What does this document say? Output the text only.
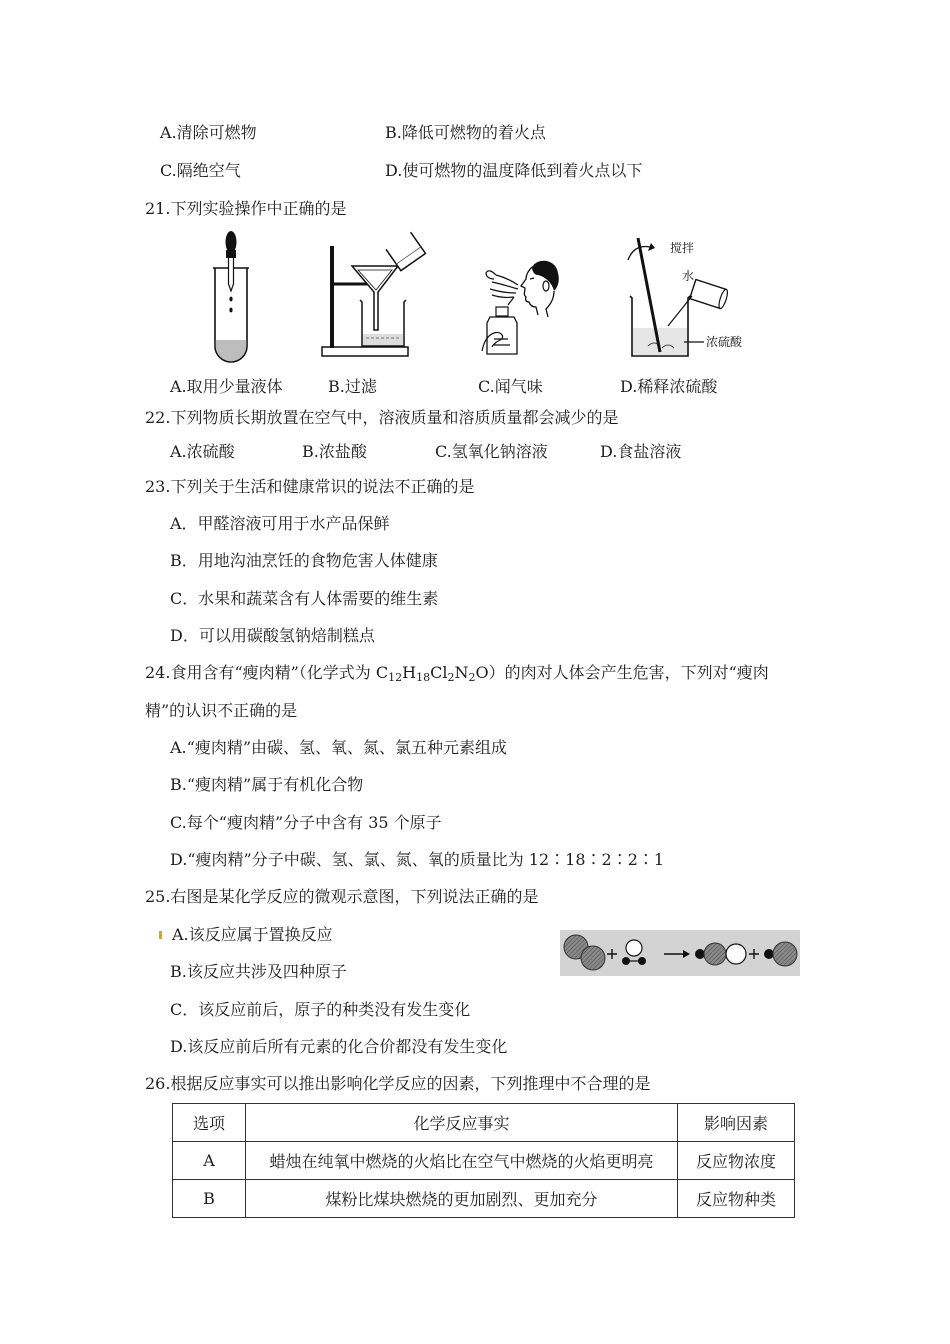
A.清除可燃物	B.降低可燃物的着火点
C.隔绝空气	D.使可燃物的温度降低到着火点以下
21.下列实验操作中正确的是
搅拌
水
浓硫酸
A.取用少量液体	B.过滤	C.闻气味	D.稀释浓硫酸
22.下列物质长期放置在空气中，溶液质量和溶质质量都会减少的是
A.浓硫酸	B.浓盐酸	C.氢氧化钠溶液	D.食盐溶液
23.下列关于生活和健康常识的说法不正确的是
A．甲醛溶液可用于水产品保鲜
B．用地沟油烹饪的食物危害人体健康
C．水果和蔬菜含有人体需要的维生素
D．可以用碳酸氢钠焙制糕点
24.食用含有“瘦肉精”（化学式为 $C_{12}H_{18}Cl_2N_2O$）的肉对人体会产生危害，下列对“瘦肉
精”的认识不正确的是
A.“瘦肉精”由碳、氢、氧、氮、氯五种元素组成
B.“瘦肉精”属于有机化合物
C.每个“瘦肉精”分子中含有 35 个原子
D.“瘦肉精”分子中碳、氢、氯、氮、氧的质量比为 12∶18∶2∶2∶1
25.右图是某化学反应的微观示意图，下列说法正确的是
A.该反应属于置换反应
B.该反应共涉及四种原子
C．该反应前后，原子的种类没有发生变化
D.该反应前后所有元素的化合价都没有发生变化
26.根据反应事实可以推出影响化学反应的因素，下列推理中不合理的是
选项	化学反应事实	影响因素
A	蜡烛在纯氧中燃烧的火焰比在空气中燃烧的火焰更明亮	反应物浓度
B	煤粉比煤块燃烧的更加剧烈、更加充分	反应物种类
